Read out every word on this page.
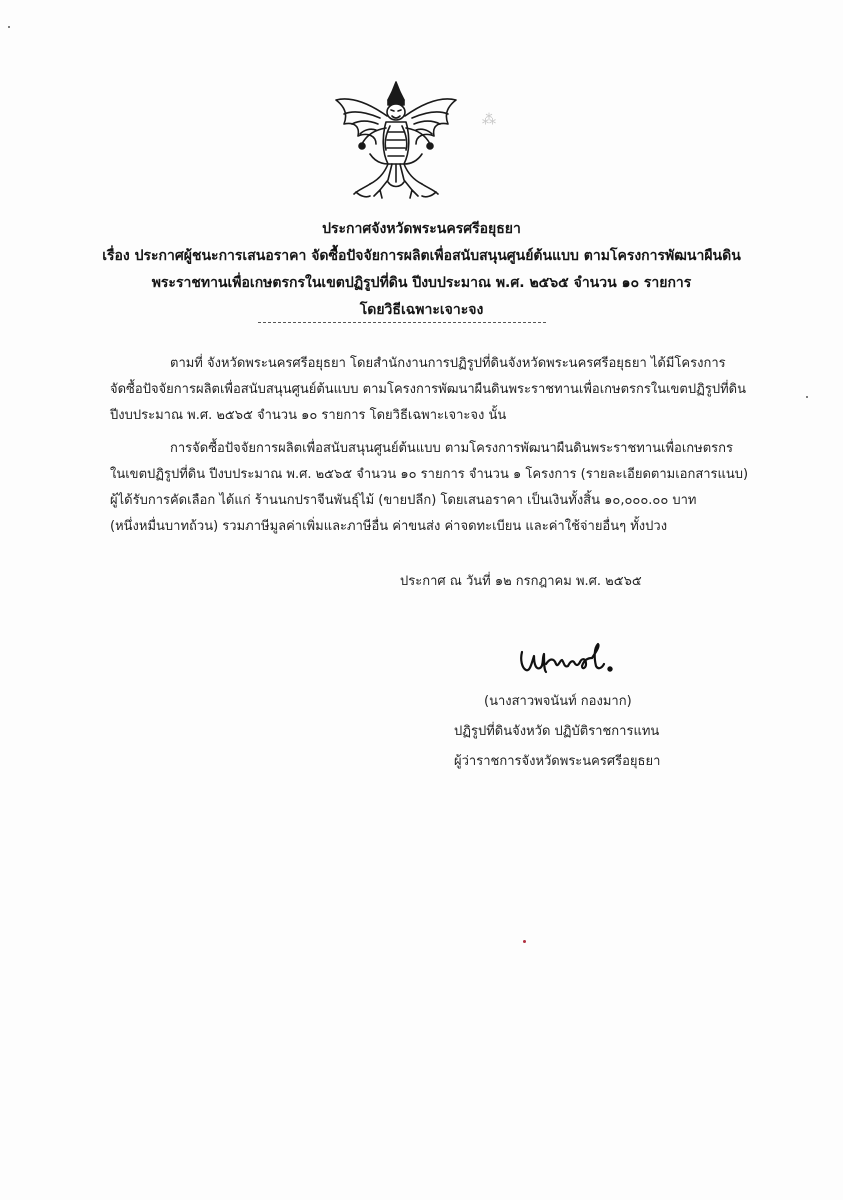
⁂
ประกาศจังหวัดพระนครศรีอยุธยา
เรื่อง ประกาศผู้ชนะการเสนอราคา จัดซื้อปัจจัยการผลิตเพื่อสนับสนุนศูนย์ต้นแบบ ตามโครงการพัฒนาผืนดิน
พระราชทานเพื่อเกษตรกรในเขตปฏิรูปที่ดิน ปีงบประมาณ พ.ศ. ๒๕๖๕ จำนวน ๑๐ รายการ
โดยวิธีเฉพาะเจาะจง
ตามที่ จังหวัดพระนครศรีอยุธยา โดยสำนักงานการปฏิรูปที่ดินจังหวัดพระนครศรีอยุธยา ได้มีโครงการ
จัดซื้อปัจจัยการผลิตเพื่อสนับสนุนศูนย์ต้นแบบ ตามโครงการพัฒนาผืนดินพระราชทานเพื่อเกษตรกรในเขตปฏิรูปที่ดิน
ปีงบประมาณ พ.ศ. ๒๕๖๕ จำนวน ๑๐ รายการ โดยวิธีเฉพาะเจาะจง นั้น
การจัดซื้อปัจจัยการผลิตเพื่อสนับสนุนศูนย์ต้นแบบ ตามโครงการพัฒนาผืนดินพระราชทานเพื่อเกษตรกร
ในเขตปฏิรูปที่ดิน ปีงบประมาณ พ.ศ. ๒๕๖๕ จำนวน ๑๐ รายการ จำนวน ๑ โครงการ (รายละเอียดตามเอกสารแนบ)
ผู้ได้รับการคัดเลือก ได้แก่ ร้านนกปราจีนพันธุ์ไม้ (ขายปลีก) โดยเสนอราคา เป็นเงินทั้งสิ้น ๑๐,๐๐๐.๐๐ บาท
(หนึ่งหมื่นบาทถ้วน) รวมภาษีมูลค่าเพิ่มและภาษีอื่น ค่าขนส่ง ค่าจดทะเบียน และค่าใช้จ่ายอื่นๆ ทั้งปวง
ประกาศ ณ วันที่ ๑๒ กรกฎาคม พ.ศ. ๒๕๖๕
(นางสาวพจนันท์ กองมาก)
ปฏิรูปที่ดินจังหวัด ปฏิบัติราชการแทน
ผู้ว่าราชการจังหวัดพระนครศรีอยุธยา
